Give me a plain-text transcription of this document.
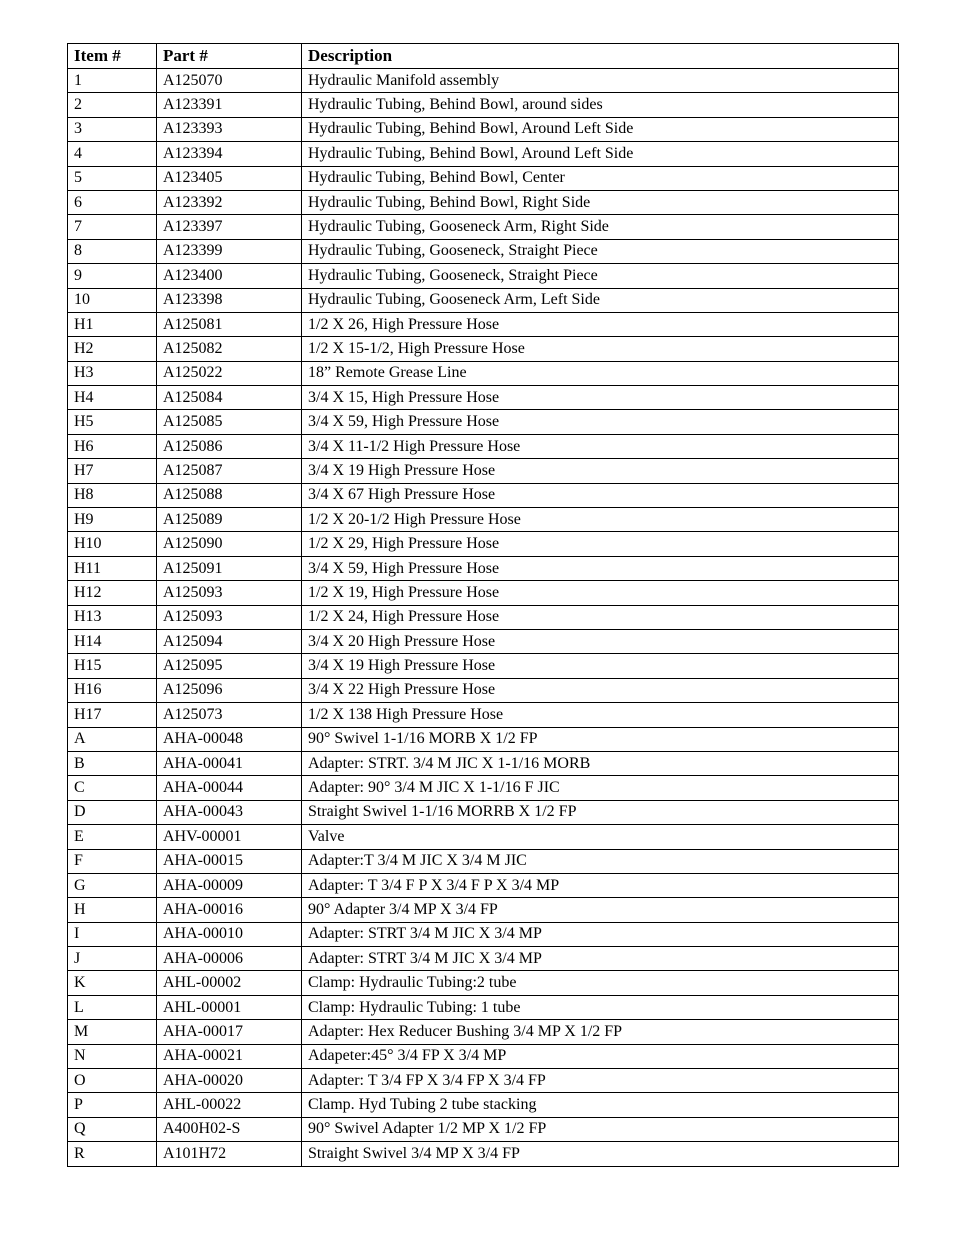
Item #	Part #	Description
1	A125070	Hydraulic Manifold assembly
2	A123391	Hydraulic Tubing, Behind Bowl, around sides
3	A123393	Hydraulic Tubing, Behind Bowl, Around Left Side
4	A123394	Hydraulic Tubing, Behind Bowl, Around Left Side
5	A123405	Hydraulic Tubing, Behind Bowl, Center
6	A123392	Hydraulic Tubing, Behind Bowl, Right Side
7	A123397	Hydraulic Tubing, Gooseneck Arm, Right Side
8	A123399	Hydraulic Tubing, Gooseneck, Straight Piece
9	A123400	Hydraulic Tubing, Gooseneck, Straight Piece
10	A123398	Hydraulic Tubing, Gooseneck Arm, Left Side
H1	A125081	1/2 X 26, High Pressure Hose
H2	A125082	1/2 X 15-1/2, High Pressure Hose
H3	A125022	18” Remote Grease Line
H4	A125084	3/4 X 15, High Pressure Hose
H5	A125085	3/4 X 59, High Pressure Hose
H6	A125086	3/4 X 11-1/2 High Pressure Hose
H7	A125087	3/4 X 19 High Pressure Hose
H8	A125088	3/4 X 67 High Pressure Hose
H9	A125089	1/2 X 20-1/2 High Pressure Hose
H10	A125090	1/2 X 29, High Pressure Hose
H11	A125091	3/4 X 59, High Pressure Hose
H12	A125093	1/2 X 19, High Pressure Hose
H13	A125093	1/2 X 24, High Pressure Hose
H14	A125094	3/4 X 20 High Pressure Hose
H15	A125095	3/4 X 19 High Pressure Hose
H16	A125096	3/4 X 22 High Pressure Hose
H17	A125073	1/2 X 138 High Pressure Hose
A	AHA-00048	90° Swivel 1-1/16 MORB X 1/2 FP
B	AHA-00041	Adapter: STRT. 3/4 M JIC X 1-1/16 MORB
C	AHA-00044	Adapter: 90° 3/4 M JIC X 1-1/16 F JIC
D	AHA-00043	Straight Swivel 1-1/16 MORRB X 1/2 FP
E	AHV-00001	Valve
F	AHA-00015	Adapter:T 3/4 M JIC X 3/4 M JIC
G	AHA-00009	Adapter: T 3/4 F P X 3/4 F P X 3/4 MP
H	AHA-00016	90° Adapter 3/4 MP X 3/4 FP
I	AHA-00010	Adapter: STRT 3/4 M JIC X 3/4 MP
J	AHA-00006	Adapter: STRT 3/4 M JIC X 3/4 MP
K	AHL-00002	Clamp: Hydraulic Tubing:2 tube
L	AHL-00001	Clamp: Hydraulic Tubing: 1 tube
M	AHA-00017	Adapter: Hex Reducer Bushing 3/4 MP X 1/2 FP
N	AHA-00021	Adapeter:45° 3/4 FP X 3/4 MP
O	AHA-00020	Adapter: T 3/4 FP X 3/4 FP X 3/4 FP
P	AHL-00022	Clamp. Hyd Tubing 2 tube stacking
Q	A400H02-S	90° Swivel Adapter 1/2 MP X 1/2 FP
R	A101H72	Straight Swivel 3/4 MP X 3/4 FP
